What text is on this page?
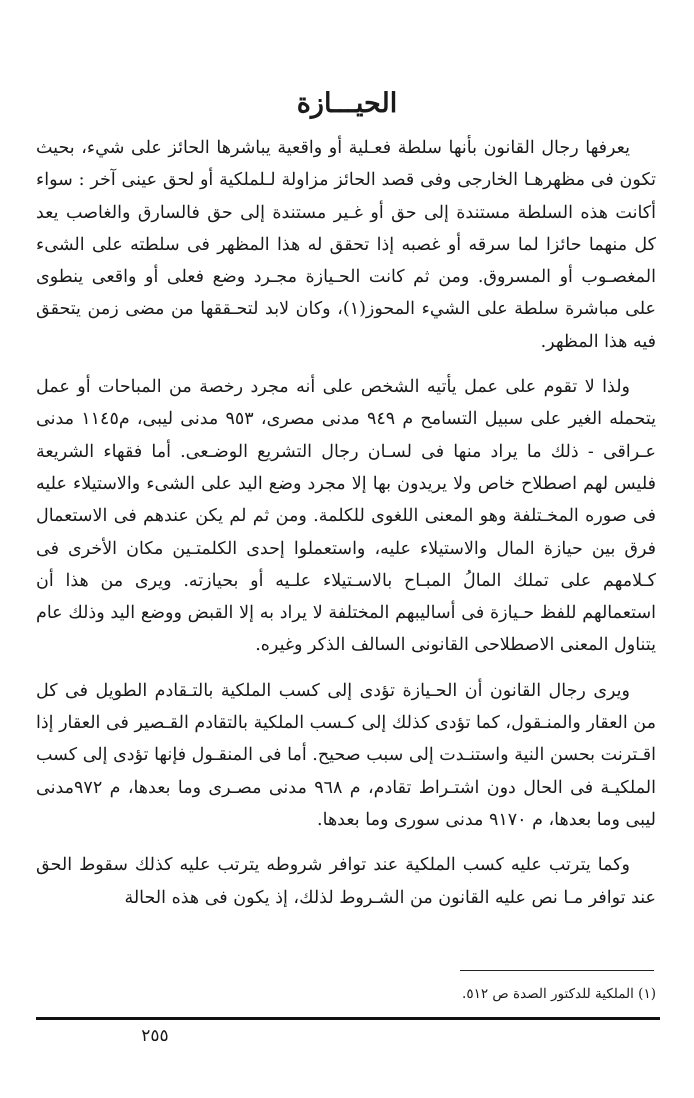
الحيـــازة

يعرفها رجال القانون بأنها سلطة فعـلية أو واقعية يباشرها الحائز على شيء، بحيث تكون فى مظهرهـا الخارجى وفى قصد الحائز مزاولة لـلملكية أو لحق عينى آخر : سواء أكانت هذه السلطة مستندة إلى حق أو غـير مستندة إلى حق فالسارق والغاصب يعد كل منهما حائزا لما سرقه أو غصبه إذا تحقق له هذا المظهر فى سلطته على الشىء المغصـوب أو المسروق. ومن ثم كانت الحـيازة مجـرد وضع فعلى أو واقعى ينطوى على مباشرة سلطة على الشيء المحوز(١)، وكان لابد لتحـققها من مضى زمن يتحقق فيه هذا المظهر.

ولذا لا تقوم على عمل يأتيه الشخص على أنه مجرد رخصة من المباحات أو عمل يتحمله الغير على سبيل التسامح م ٩٤٩ مدنى مصرى، ٩٥٣ مدنى ليبى، م١١٤٥ مدنى عـراقى - ذلك ما يراد منها فى لسـان رجال التشريع الوضـعى. أما فقهاء الشريعة فليس لهم اصطلاح خاص ولا يريدون بها إلا مجرد وضع اليد على الشىء والاستيلاء عليه فى صوره المخـتلفة وهو المعنى اللغوى للكلمة. ومن ثم لم يكن عندهم فى الاستعمال فرق بين حيازة المال والاستيلاء عليه، واستعملوا إحدى الكلمتـين مكان الأخرى فى كـلامهم على تملك المالُ المبـاح بالاسـتيلاء علـيه أو بحيازته. ويرى من هذا أن استعمالهم للفظ حـيازة فى أساليبهم المختلفة لا يراد به إلا القبض ووضع اليد وذلك عام يتناول المعنى الاصطلاحى القانونى السالف الذكر وغيره.

ويرى رجال القانون أن الحـيازة تؤدى إلى كسب الملكية بالتـقادم الطويل فى كل من العقار والمنـقول، كما تؤدى كذلك إلى كـسب الملكية بالتقادم القـصير فى العقار إذا اقـترنت بحسن النية واستنـدت إلى سبب صحيح. أما فى المنقـول فإنها تؤدى إلى كسب الملكيـة فى الحال دون اشتـراط تقادم، م ٩٦٨ مدنى مصـرى وما بعدها، م ٩٧٢مدنى ليبى وما بعدها، م ٩١٧٠ مدنى سورى وما بعدها.

وكما يترتب عليه كسب الملكية عند توافر شروطه يترتب عليه كذلك سقوط الحق عند توافر مـا نص عليه القانون من الشـروط لذلك، إذ يكون فى هذه الحالة

(١) الملكية للدكتور الصدة ص ٥١٢.

٢٥٥
